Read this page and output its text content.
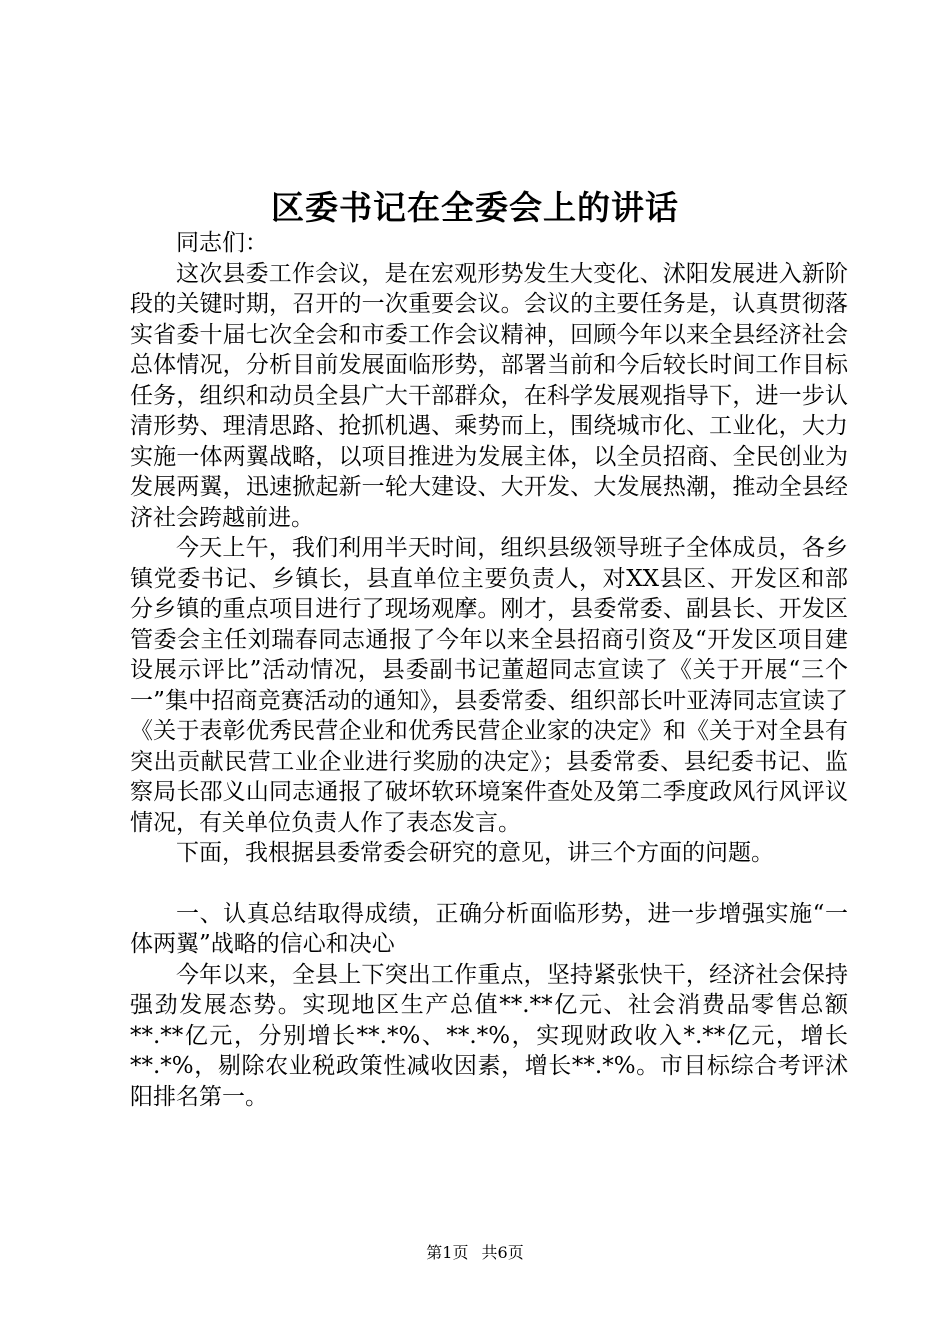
区委书记在全委会上的讲话

同志们：

这次县委工作会议，是在宏观形势发生大变化、沭阳发展进入新阶段的关键时期，召开的一次重要会议。会议的主要任务是，认真贯彻落实省委十届七次全会和市委工作会议精神，回顾今年以来全县经济社会总体情况，分析目前发展面临形势，部署当前和今后较长时间工作目标任务，组织和动员全县广大干部群众，在科学发展观指导下，进一步认清形势、理清思路、抢抓机遇、乘势而上，围绕城市化、工业化，大力实施一体两翼战略，以项目推进为发展主体，以全员招商、全民创业为发展两翼，迅速掀起新一轮大建设、大开发、大发展热潮，推动全县经济社会跨越前进。

今天上午，我们利用半天时间，组织县级领导班子全体成员，各乡镇党委书记、乡镇长，县直单位主要负责人，对XX县区、开发区和部分乡镇的重点项目进行了现场观摩。刚才，县委常委、副县长、开发区管委会主任刘瑞春同志通报了今年以来全县招商引资及“开发区项目建设展示评比”活动情况，县委副书记董超同志宣读了《关于开展“三个一”集中招商竞赛活动的通知》，县委常委、组织部长叶亚涛同志宣读了《关于表彰优秀民营企业和优秀民营企业家的决定》和《关于对全县有突出贡献民营工业企业进行奖励的决定》；县委常委、县纪委书记、监察局长邵义山同志通报了破坏软环境案件查处及第二季度政风行风评议情况，有关单位负责人作了表态发言。

下面，我根据县委常委会研究的意见，讲三个方面的问题。

一、认真总结取得成绩，正确分析面临形势，进一步增强实施“一体两翼”战略的信心和决心

今年以来，全县上下突出工作重点，坚持紧张快干，经济社会保持强劲发展态势。实现地区生产总值**.**亿元、社会消费品零售总额**.**亿元，分别增长**.*%、**.*%，实现财政收入*.**亿元，增长**.*%，剔除农业税政策性减收因素，增长**.*%。市目标综合考评沭阳排名第一。

第1页 共6页
